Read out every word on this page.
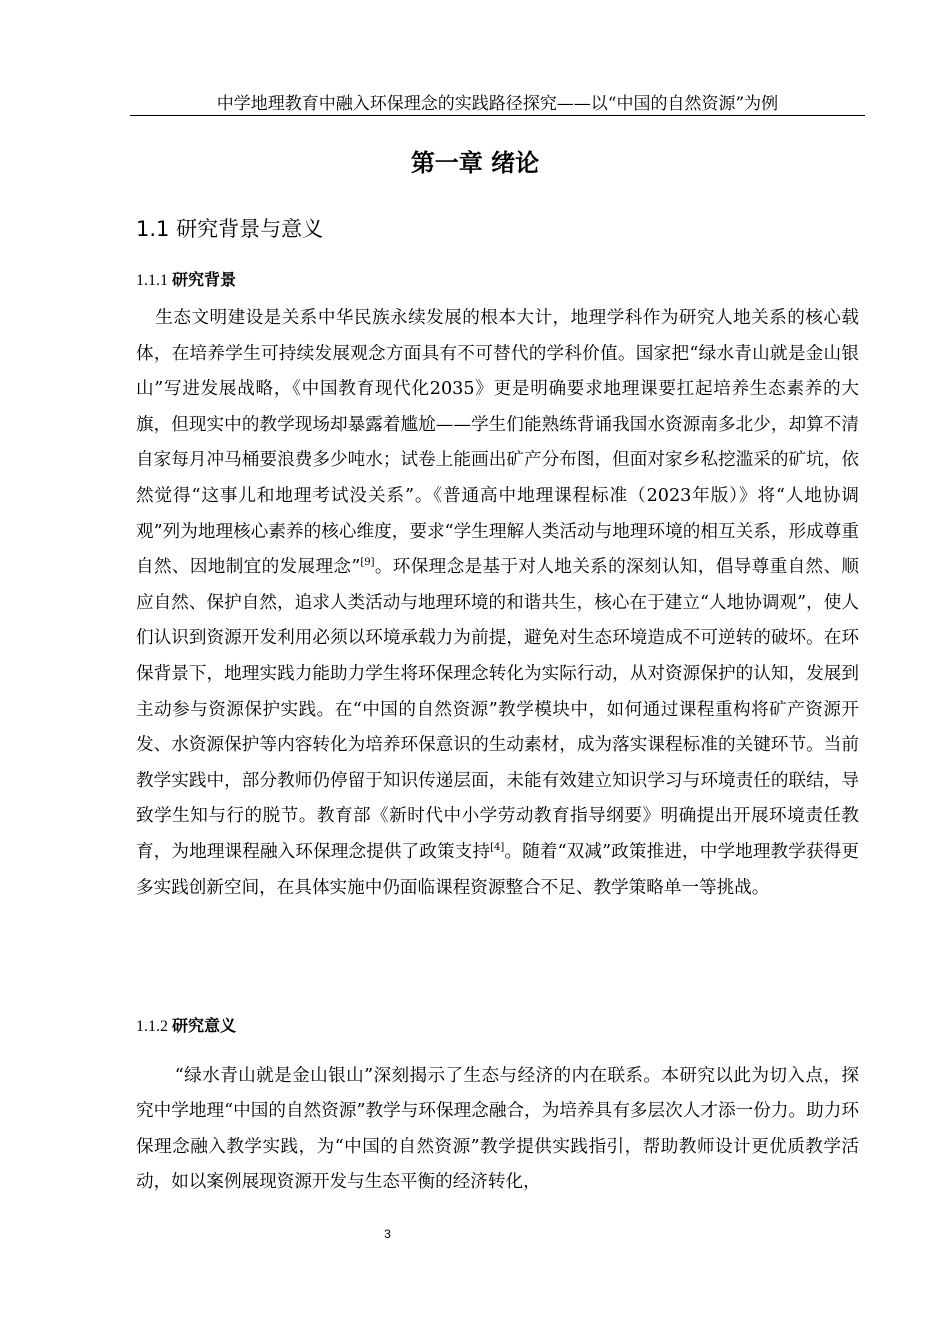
中学地理教育中融入环保理念的实践路径探究——以“中国的自然资源”为例
第一章 绪论
1.1 研究背景与意义
1.1.1 研究背景

生态文明建设是关系中华民族永续发展的根本大计，地理学科作为研究人地关系的核心载体，在培养学生可持续发展观念方面具有不可替代的学科价值。国家把“绿水青山就是金山银山”写进发展战略，《中国教育现代化2035》更是明确要求地理课要扛起培养生态素养的大旗，但现实中的教学现场却暴露着尴尬——学生们能熟练背诵我国水资源南多北少，却算不清自家每月冲马桶要浪费多少吨水；试卷上能画出矿产分布图，但面对家乡私挖滥采的矿坑，依然觉得“这事儿和地理考试没关系”。《普通高中地理课程标准（2023年版）》将“人地协调观”列为地理核心素养的核心维度，要求“学生理解人类活动与地理环境的相互关系，形成尊重自然、因地制宜的发展理念”[9]。环保理念是基于对人地关系的深刻认知，倡导尊重自然、顺应自然、保护自然，追求人类活动与地理环境的和谐共生，核心在于建立“人地协调观”，使人们认识到资源开发利用必须以环境承载力为前提，避免对生态环境造成不可逆转的破坏。在环保背景下，地理实践力能助力学生将环保理念转化为实际行动，从对资源保护的认知，发展到主动参与资源保护实践。在“中国的自然资源”教学模块中，如何通过课程重构将矿产资源开发、水资源保护等内容转化为培养环保意识的生动素材，成为落实课程标准的关键环节。当前教学实践中，部分教师仍停留于知识传递层面，未能有效建立知识学习与环境责任的联结，导致学生知与行的脱节。教育部《新时代中小学劳动教育指导纲要》明确提出开展环境责任教育，为地理课程融入环保理念提供了政策支持[4]。随着“双减”政策推进，中学地理教学获得更多实践创新空间，在具体实施中仍面临课程资源整合不足、教学策略单一等挑战。

1.1.2 研究意义

“绿水青山就是金山银山”深刻揭示了生态与经济的内在联系。本研究以此为切入点，探究中学地理“中国的自然资源”教学与环保理念融合，为培养具有多层次人才添一份力。助力环保理念融入教学实践，为“中国的自然资源”教学提供实践指引，帮助教师设计更优质教学活动，如以案例展现资源开发与生态平衡的经济转化，

3
